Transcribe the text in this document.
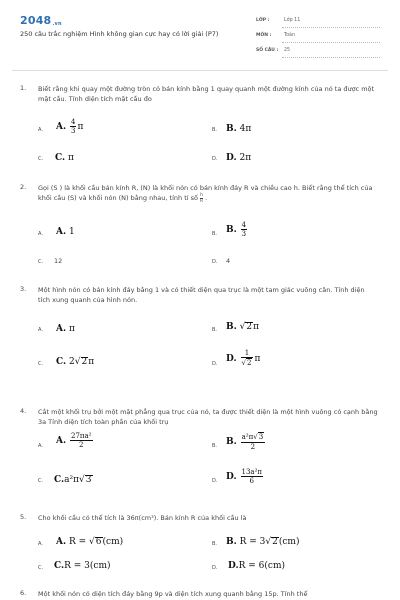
2048.vn
250 câu trắc nghiệm Hình không gian cực hay có lời giải (P7)
LỚP :	Lớp 11
MÔN :	Toán
SỐ CÂU : 25
1. Biết rằng khi quay một đường tròn có bán kính bằng 1 quay quanh một đường kính của nó ta được một mặt cầu. Tính diện tích mặt cầu đo
A. A. $\frac{4}{3}$ π	B. B. 4π
C. C. π	D. D. 2π
2. Gọi (S ) là khối cầu bán kính R, (N) là khối nón có bán kính đáy R và chiều cao h. Biết rằng thể tích của khối cầu (S) và khối nón (N) bằng nhau, tính tỉ số $\frac{h}{R}$ .
A. A. 1	B. B. $\frac{4}{3}$
C. 12	D. 4
3. Một hình nón có bán kính đáy bằng 1 và có thiết diện qua trục là một tam giác vuông cân. Tính diện tích xung quanh của hình nón.
A. A. π	B. B. √2π
C. C. 2√2π	D. D. $\frac{1}{√2}$ π
4. Cắt một khối trụ bởi một mặt phẳng qua trục của nó, ta được thiết diện là một hình vuông có cạnh bằng 3a Tính diện tích toàn phần của khối trụ
A. A. $\frac{\text{27πa²}}{2}$	B. B. $\frac{\text{a²π√3}}{2}$
C. C.a²π√3	D. D. $\frac{\text{13a²π}}{6}$
5. Cho khối cầu có thể tích là 36π(cm³). Bán kính R của khối cầu là
A. A. R = √6(cm)	B. B. R = 3√2(cm)
C. C.R = 3(cm)	D. D.R = 6(cm)
6. Một khối nón có diện tích đáy bằng 9p và diện tích xung quanh bằng 15p. Tính thể
